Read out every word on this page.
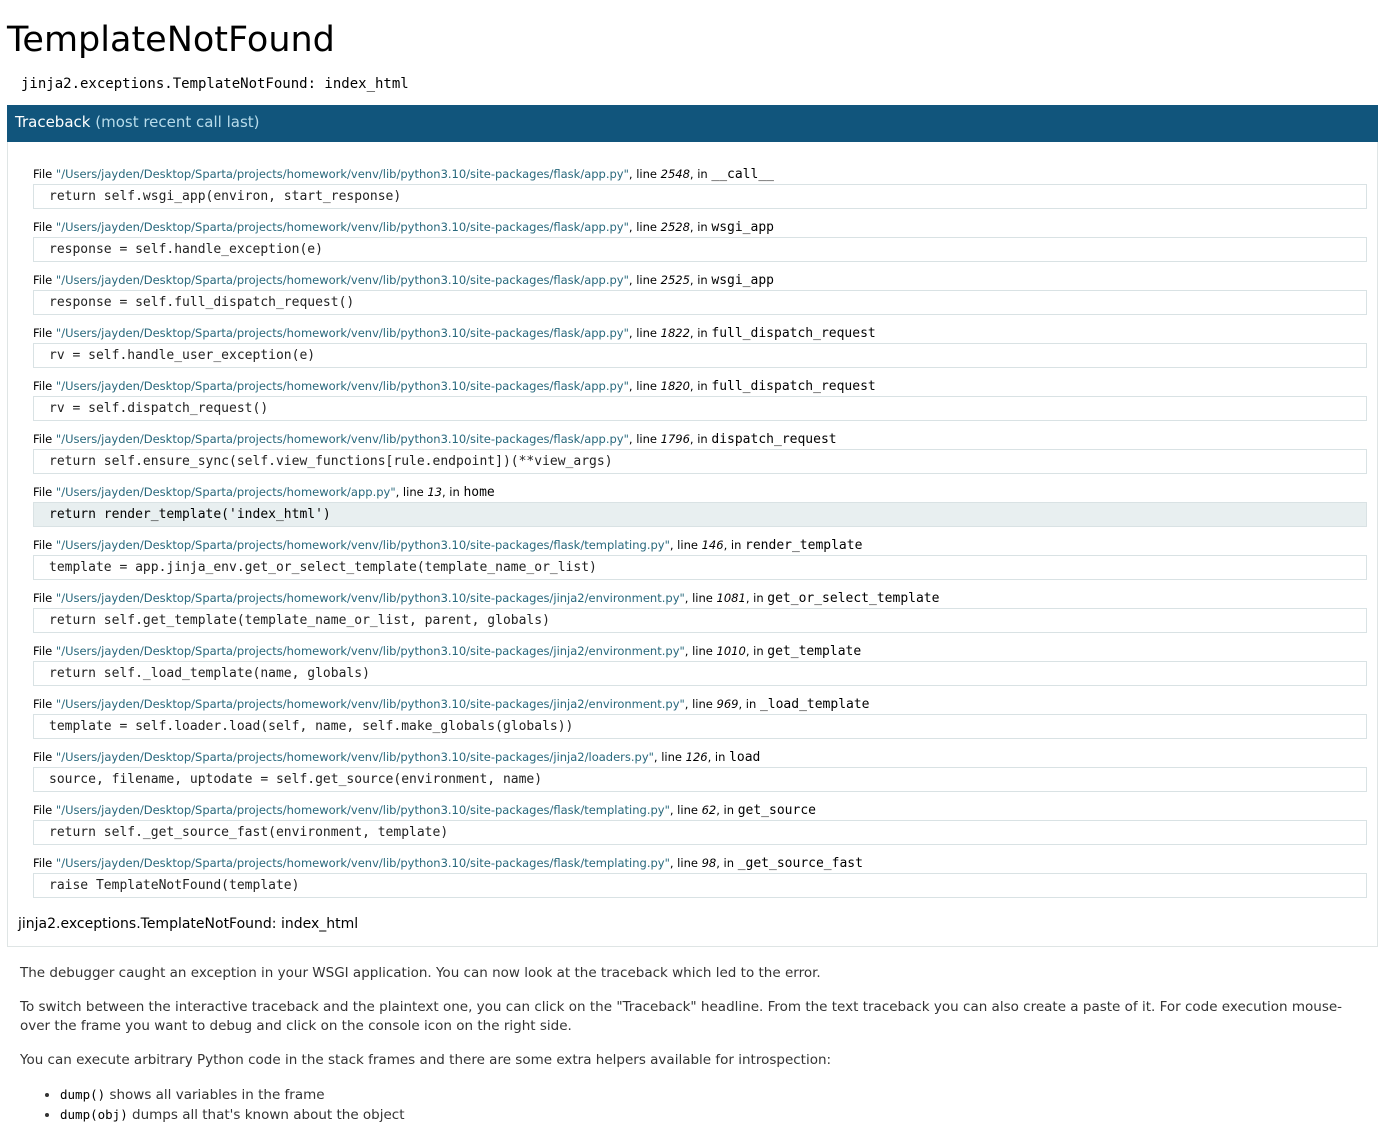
TemplateNotFound
jinja2.exceptions.TemplateNotFound: index_html
Traceback (most recent call last)
File "/Users/jayden/Desktop/Sparta/projects/homework/venv/lib/python3.10/site-packages/flask/app.py", line 2548, in __call__
return self.wsgi_app(environ, start_response)
File "/Users/jayden/Desktop/Sparta/projects/homework/venv/lib/python3.10/site-packages/flask/app.py", line 2528, in wsgi_app
response = self.handle_exception(e)
File "/Users/jayden/Desktop/Sparta/projects/homework/venv/lib/python3.10/site-packages/flask/app.py", line 2525, in wsgi_app
response = self.full_dispatch_request()
File "/Users/jayden/Desktop/Sparta/projects/homework/venv/lib/python3.10/site-packages/flask/app.py", line 1822, in full_dispatch_request
rv = self.handle_user_exception(e)
File "/Users/jayden/Desktop/Sparta/projects/homework/venv/lib/python3.10/site-packages/flask/app.py", line 1820, in full_dispatch_request
rv = self.dispatch_request()
File "/Users/jayden/Desktop/Sparta/projects/homework/venv/lib/python3.10/site-packages/flask/app.py", line 1796, in dispatch_request
return self.ensure_sync(self.view_functions[rule.endpoint])(**view_args)
File "/Users/jayden/Desktop/Sparta/projects/homework/app.py", line 13, in home
return render_template('index_html')
File "/Users/jayden/Desktop/Sparta/projects/homework/venv/lib/python3.10/site-packages/flask/templating.py", line 146, in render_template
template = app.jinja_env.get_or_select_template(template_name_or_list)
File "/Users/jayden/Desktop/Sparta/projects/homework/venv/lib/python3.10/site-packages/jinja2/environment.py", line 1081, in get_or_select_template
return self.get_template(template_name_or_list, parent, globals)
File "/Users/jayden/Desktop/Sparta/projects/homework/venv/lib/python3.10/site-packages/jinja2/environment.py", line 1010, in get_template
return self._load_template(name, globals)
File "/Users/jayden/Desktop/Sparta/projects/homework/venv/lib/python3.10/site-packages/jinja2/environment.py", line 969, in _load_template
template = self.loader.load(self, name, self.make_globals(globals))
File "/Users/jayden/Desktop/Sparta/projects/homework/venv/lib/python3.10/site-packages/jinja2/loaders.py", line 126, in load
source, filename, uptodate = self.get_source(environment, name)
File "/Users/jayden/Desktop/Sparta/projects/homework/venv/lib/python3.10/site-packages/flask/templating.py", line 62, in get_source
return self._get_source_fast(environment, template)
File "/Users/jayden/Desktop/Sparta/projects/homework/venv/lib/python3.10/site-packages/flask/templating.py", line 98, in _get_source_fast
raise TemplateNotFound(template)
jinja2.exceptions.TemplateNotFound: index_html

The debugger caught an exception in your WSGI application. You can now look at the traceback which led to the error.

To switch between the interactive traceback and the plaintext one, you can click on the "Traceback" headline. From the text traceback you can also create a paste of it. For code execution mouse-over the frame you want to debug and click on the console icon on the right side.

You can execute arbitrary Python code in the stack frames and there are some extra helpers available for introspection:

• dump() shows all variables in the frame
• dump(obj) dumps all that's known about the object
